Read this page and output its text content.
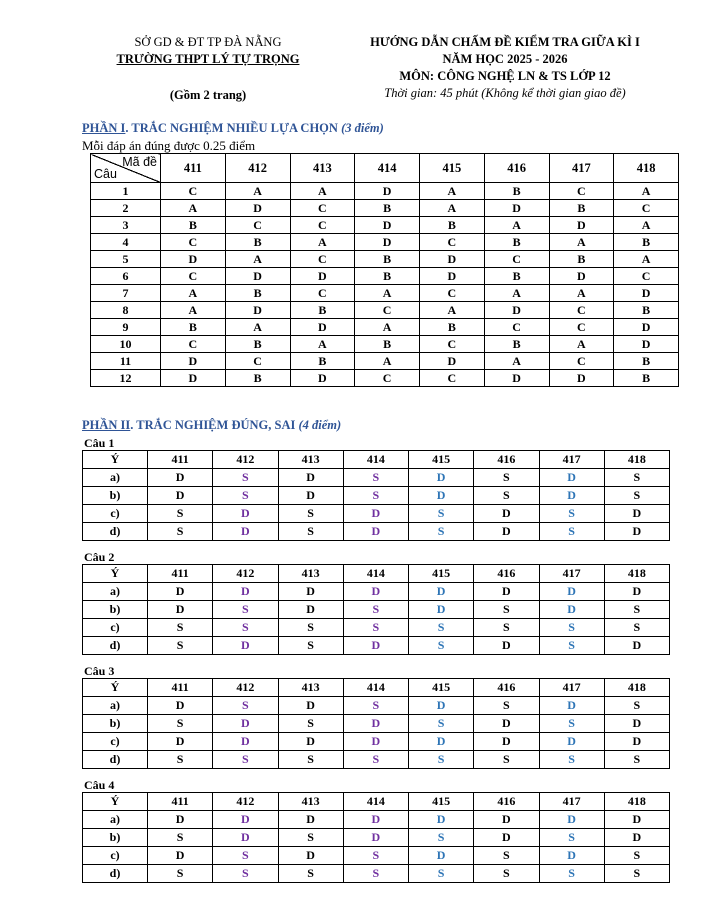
SỞ GD & ĐT TP ĐÀ NẴNG
TRƯỜNG THPT LÝ TỰ TRỌNG
(Gồm 2 trang)
HƯỚNG DẪN CHẤM ĐỀ KIỂM TRA GIỮA KÌ I
NĂM HỌC 2025 - 2026
MÔN: CÔNG NGHỆ LN & TS LỚP 12
Thời gian: 45 phút (Không kể thời gian giao đề)
PHẦN I. TRẮC NGHIỆM NHIỀU LỰA CHỌN (3 điểm)
Mỗi đáp án đúng được 0.25 điểm
Mã đề
Câu	411	412	413	414	415	416	417	418
1	C	A	A	D	A	B	C	A
2	A	D	C	B	A	D	B	C
3	B	C	C	D	B	A	D	A
4	C	B	A	D	C	B	A	B
5	D	A	C	B	D	C	B	A
6	C	D	D	B	D	B	D	C
7	A	B	C	A	C	A	A	D
8	A	D	B	C	A	D	C	B
9	B	A	D	A	B	C	C	D
10	C	B	A	B	C	B	A	D
11	D	C	B	A	D	A	C	B
12	D	B	D	C	C	D	D	B
PHẦN II. TRẮC NGHIỆM ĐÚNG, SAI (4 điểm)
Câu 1
Ý	411	412	413	414	415	416	417	418
a)	D	S	D	S	D	S	D	S
b)	D	S	D	S	D	S	D	S
c)	S	D	S	D	S	D	S	D
d)	S	D	S	D	S	D	S	D
Câu 2
Ý	411	412	413	414	415	416	417	418
a)	D	D	D	D	D	D	D	D
b)	D	S	D	S	D	S	D	S
c)	S	S	S	S	S	S	S	S
d)	S	D	S	D	S	D	S	D
Câu 3
Ý	411	412	413	414	415	416	417	418
a)	D	S	D	S	D	S	D	S
b)	S	D	S	D	S	D	S	D
c)	D	D	D	D	D	D	D	D
d)	S	S	S	S	S	S	S	S
Câu 4
Ý	411	412	413	414	415	416	417	418
a)	D	D	D	D	D	D	D	D
b)	S	D	S	D	S	D	S	D
c)	D	S	D	S	D	S	D	S
d)	S	S	S	S	S	S	S	S
